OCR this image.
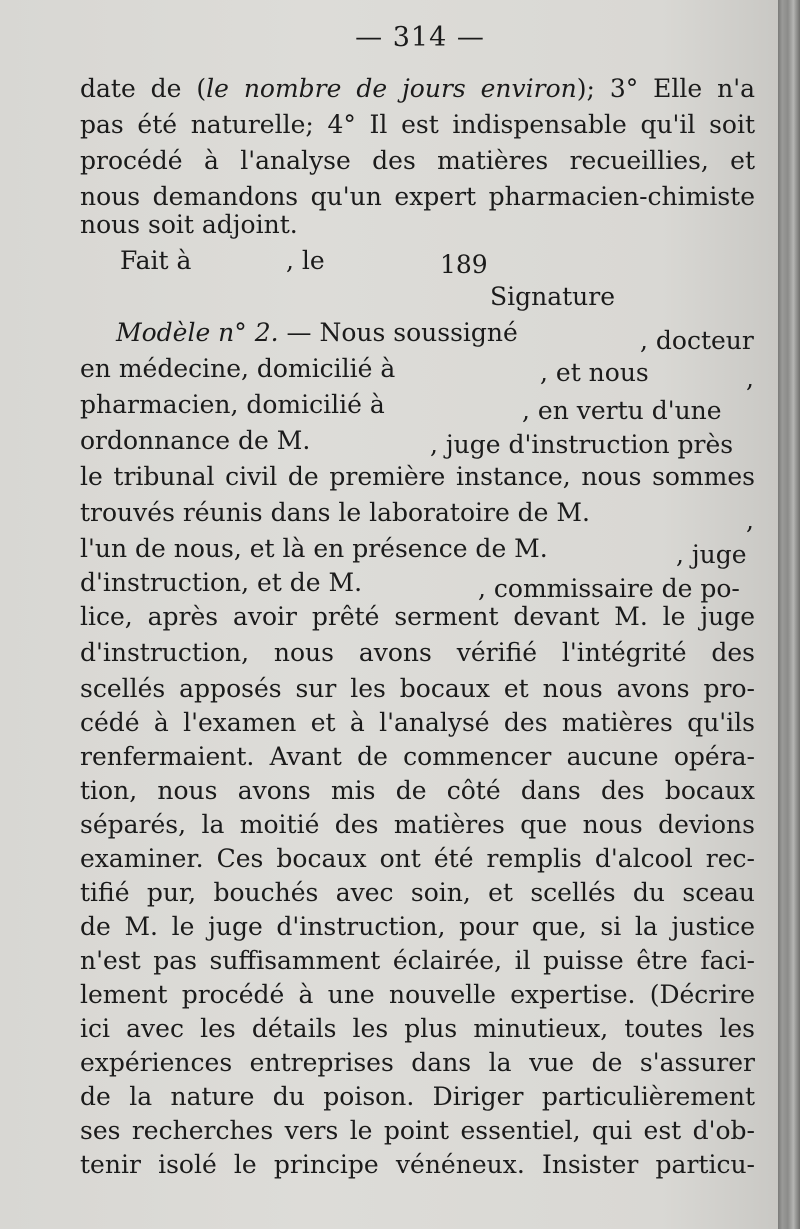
— 314 —
date de (le nombre de jours environ); 3° Elle n'a
pas été naturelle; 4° Il est indispensable qu'il soit
procédé à l'analyse des matières recueillies, et
nous demandons qu'un expert pharmacien-chimiste
nous soit adjoint.
Fait à	, le	189
Signature
Modèle n° 2. — Nous soussigné	, docteur
en médecine, domicilié à	, et nous	,
pharmacien, domicilié à	, en vertu d'une
ordonnance de M.	, juge d'instruction près
le tribunal civil de première instance, nous sommes
trouvés réunis dans le laboratoire de M.	,
l'un de nous, et là en présence de M.	, juge
d'instruction, et de M.	, commissaire de po-
lice, après avoir prêté serment devant M. le juge
d'instruction, nous avons vérifié l'intégrité des
scellés apposés sur les bocaux et nous avons pro-
cédé à l'examen et à l'analysé des matières qu'ils
renfermaient. Avant de commencer aucune opéra-
tion, nous avons mis de côté dans des bocaux
séparés, la moitié des matières que nous devions
examiner. Ces bocaux ont été remplis d'alcool rec-
tifié pur, bouchés avec soin, et scellés du sceau
de M. le juge d'instruction, pour que, si la justice
n'est pas suffisamment éclairée, il puisse être faci-
lement procédé à une nouvelle expertise. (Décrire
ici avec les détails les plus minutieux, toutes les
expériences entreprises dans la vue de s'assurer
de la nature du poison. Diriger particulièrement
ses recherches vers le point essentiel, qui est d'ob-
tenir isolé le principe vénéneux. Insister particu-
